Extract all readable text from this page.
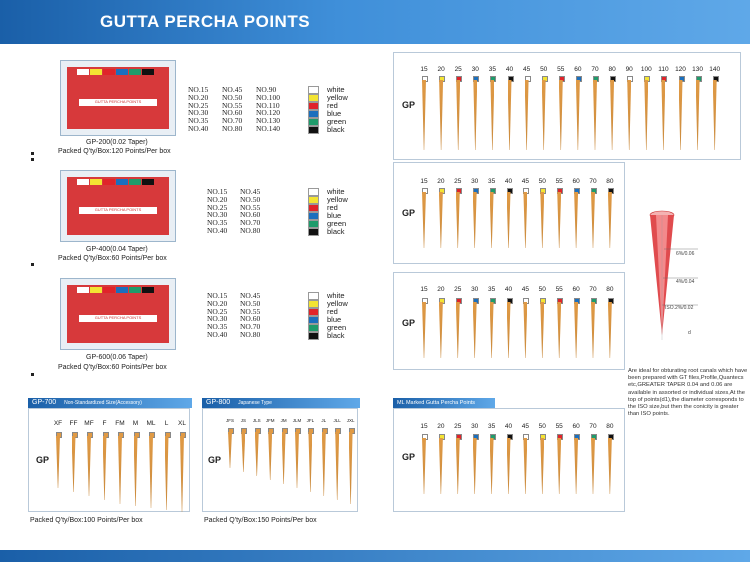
GUTTA PERCHA POINTS
GUTTA PERCHA POINTS
GP-200(0.02 Taper)
Packed Q'ty/Box:120 Points/Per box
NO.15
NO.20
NO.25
NO.30
NO.35
NO.40
NO.45
NO.50
NO.55
NO.60
NO.70
NO.80
NO.90
NO.100
NO.110
NO.120
NO.130
NO.140
white
yellow
red
blue
green
black
GP
15 20 25 30 35 40 45 50 55 60 70 80 90 100 110 120 130 140
GUTTA PERCHA POINTS
GP-400(0.04 Taper)
Packed Q'ty/Box:60 Points/Per box
NO.15
NO.20
NO.25
NO.30
NO.35
NO.40
NO.45
NO.50
NO.55
NO.60
NO.70
NO.80
white
yellow
red
blue
green
black
GP
15 20 25 30 35 40 45 50 55 60 70 80
GUTTA PERCHA POINTS
GP-600(0.06 Taper)
Packed Q'ty/Box:60 Points/Per box
NO.15
NO.20
NO.25
NO.30
NO.35
NO.40
NO.45
NO.50
NO.55
NO.60
NO.70
NO.80
white
yellow
red
blue
green
black
GP
15 20 25 30 35 40 45 50 55 60 70 80
6%/0.06
4%/0.04
ISO.2%/0.02
d
Are ideal for obturating root canals which have been prepared with GT files,Profile,Quantecs etc,GREATER TAPER 0.04 and 0.06 are available in assorted or individual sizes,At the top of points(d1),the diameter corresponds to the ISO size,but then the conicity is greater than ISO points.
GP-700 Non-Standardized Size(Accessory)
GP
XF FF MF F FM M ML L XL
Packed Q'ty/Box:100 Points/Per box
GP-800 Japanese Type
GP
JFS JS JLS JFM JM JLM JFL JL JLL JXL
Packed Q'ty/Box:150 Points/Per box
ML Marked Gutta Percha Points
GP
15 20 25 30 35 40 45 50 55 60 70 80
